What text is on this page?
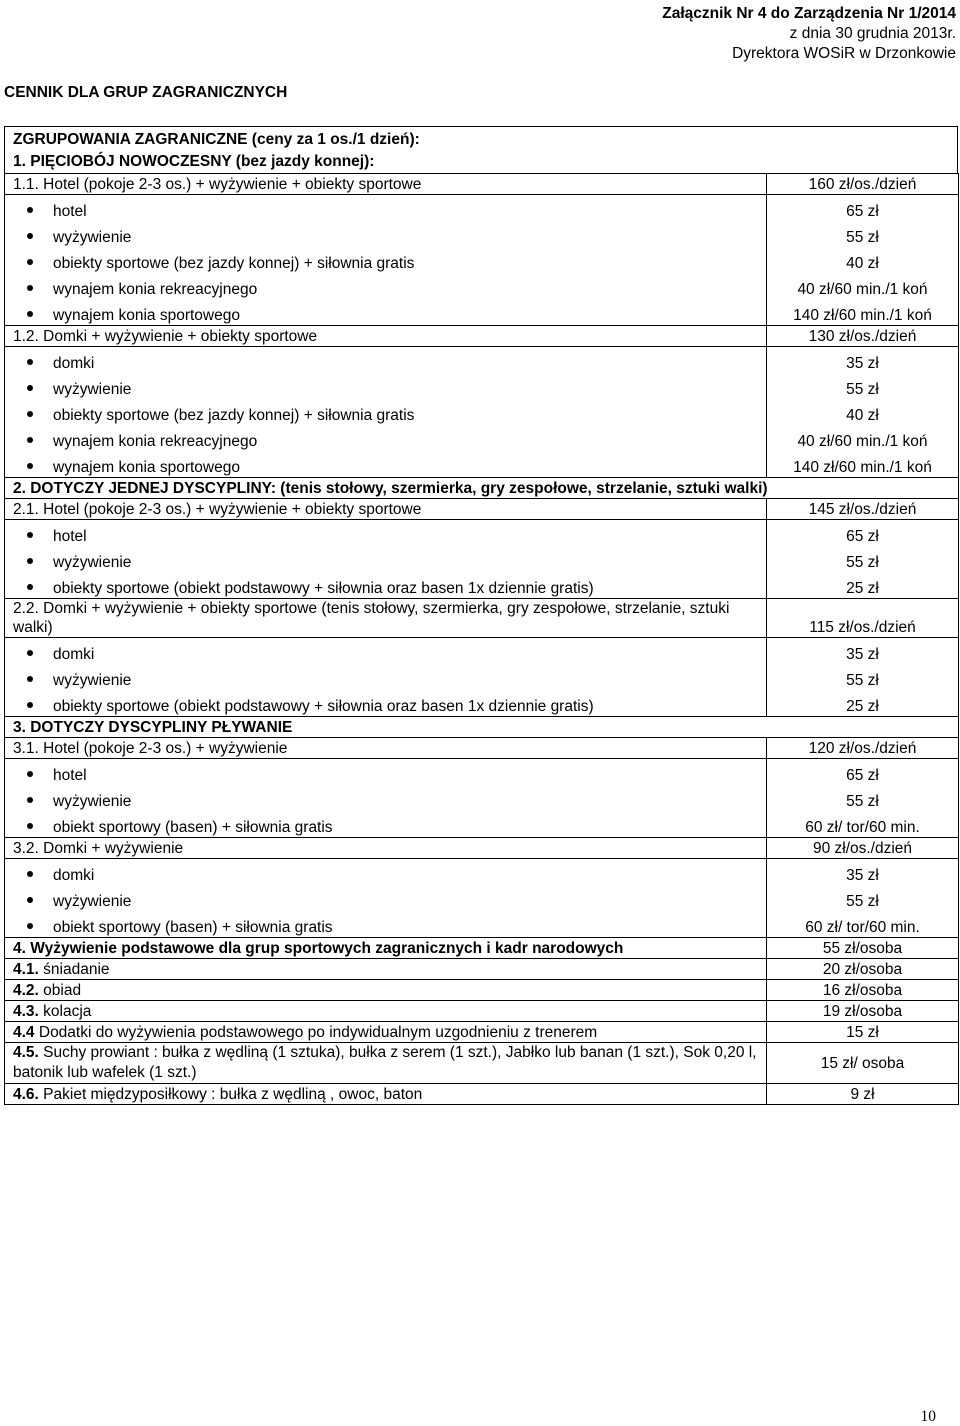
Załącznik Nr 4 do Zarządzenia Nr 1/2014
z dnia 30 grudnia 2013r.
Dyrektora WOSiR w Drzonkowie
CENNIK DLA GRUP ZAGRANICZNYCH
ZGRUPOWANIA ZAGRANICZNE (ceny za 1 os./1 dzień):
1. PIĘCIOBÓJ NOWOCZESNY (bez jazdy konnej):
1.1. Hotel (pokoje 2-3 os.) + wyżywienie + obiekty sportowe	160 zł/os./dzień
hotel	65 zł
wyżywienie	55 zł
obiekty sportowe (bez jazdy konnej) + siłownia gratis	40 zł
wynajem konia rekreacyjnego	40 zł/60 min./1 koń
wynajem konia sportowego	140 zł/60 min./1 koń
1.2. Domki + wyżywienie + obiekty sportowe	130 zł/os./dzień
domki	35 zł
wyżywienie	55 zł
obiekty sportowe (bez jazdy konnej) + siłownia gratis	40 zł
wynajem konia rekreacyjnego	40 zł/60 min./1 koń
wynajem konia sportowego	140 zł/60 min./1 koń
2. DOTYCZY JEDNEJ DYSCYPLINY: (tenis stołowy, szermierka, gry zespołowe, strzelanie, sztuki walki)	
2.1. Hotel (pokoje 2-3 os.) + wyżywienie + obiekty sportowe	145 zł/os./dzień
hotel	65 zł
wyżywienie	55 zł
obiekty sportowe (obiekt podstawowy + siłownia oraz basen 1x dziennie gratis)	25 zł
2.2. Domki + wyżywienie + obiekty sportowe (tenis stołowy, szermierka, gry zespołowe, strzelanie, sztuki walki)	115 zł/os./dzień
domki	35 zł
wyżywienie	55 zł
obiekty sportowe (obiekt podstawowy + siłownia oraz basen 1x dziennie gratis)	25 zł
3. DOTYCZY DYSCYPLINY PŁYWANIE	
3.1. Hotel (pokoje 2-3 os.) + wyżywienie	120 zł/os./dzień
hotel	65 zł
wyżywienie	55 zł
obiekt sportowy (basen) + siłownia gratis	60 zł/ tor/60 min.
3.2. Domki + wyżywienie	90 zł/os./dzień
domki	35 zł
wyżywienie	55 zł
obiekt sportowy (basen) + siłownia gratis	60 zł/ tor/60 min.
4. Wyżywienie podstawowe dla grup sportowych zagranicznych i kadr narodowych	55 zł/osoba
4.1. śniadanie	20 zł/osoba
4.2. obiad	16 zł/osoba
4.3. kolacja	19 zł/osoba
4.4 Dodatki do wyżywienia podstawowego po indywidualnym uzgodnieniu z trenerem	15 zł
4.5. Suchy prowiant : bułka z wędliną (1 sztuka), bułka z serem (1 szt.), Jabłko lub banan (1 szt.), Sok 0,20 l, batonik lub wafelek (1 szt.)	15 zł/ osoba
4.6. Pakiet międzyposiłkowy : bułka z wędliną , owoc, baton	9 zł
10
